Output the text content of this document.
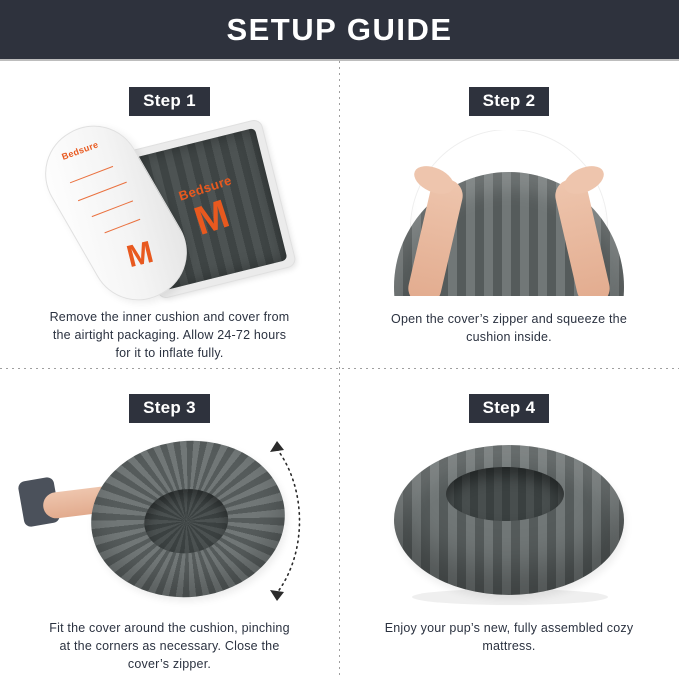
SETUP GUIDE
Step 1
Bedsure
M
Bedsure
M
Remove the inner cushion and cover from the airtight packaging. Allow 24-72 hours for it to inflate fully.
Step 2
Open the cover’s zipper and squeeze the cushion inside.
Step 3
Fit the cover around the cushion, pinching at the corners as necessary. Close the cover’s zipper.
Step 4
Enjoy your pup’s new, fully assembled cozy mattress.
